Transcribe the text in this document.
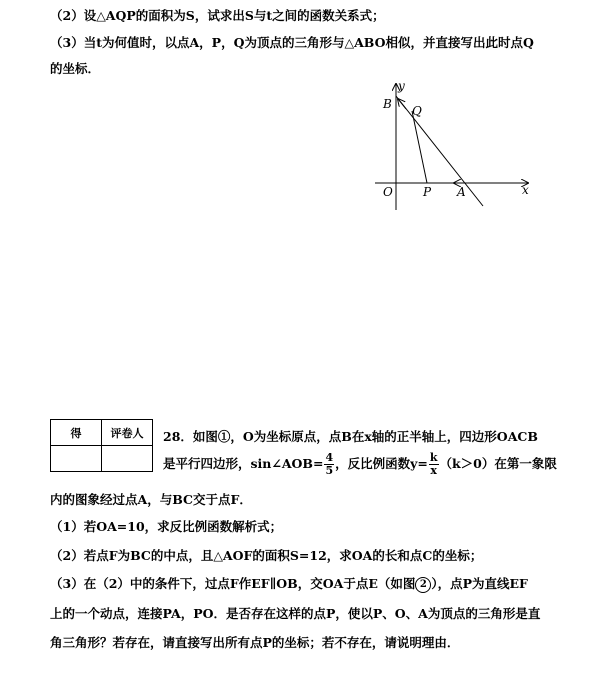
（2）设△AQP的面积为S，试求出S与t之间的函数关系式；
（3）当t为何值时，以点A，P，Q为顶点的三角形与△ABO相似，并直接写出此时点Q
的坐标．
y
x
B Q
O	P A
得	评卷人
	28．如图①，O为坐标原点，点B在x轴的正半轴上，四边形OACB
是平行四边形，sin∠AOB= $\frac{4}{5}$ ，反比例函数$y= \frac{k}{x} (k>0)$在第一象限
内的图象经过点A，与BC交于点F．
（1）若OA=10，求反比例函数解析式；
（2）若点F为BC的中点，且△AOF的面积S=12，求OA的长和点C的坐标；
（3）在（2）中的条件下，过点F作EF∥OB，交OA于点E（如图 2 ），点P为直线EF
上的一个动点，连接PA，PO．是否存在这样的点P，使以P、O、A为顶点的三角形是直
角三角形？若存在，请直接写出所有点P的坐标；若不存在，请说明理由．
